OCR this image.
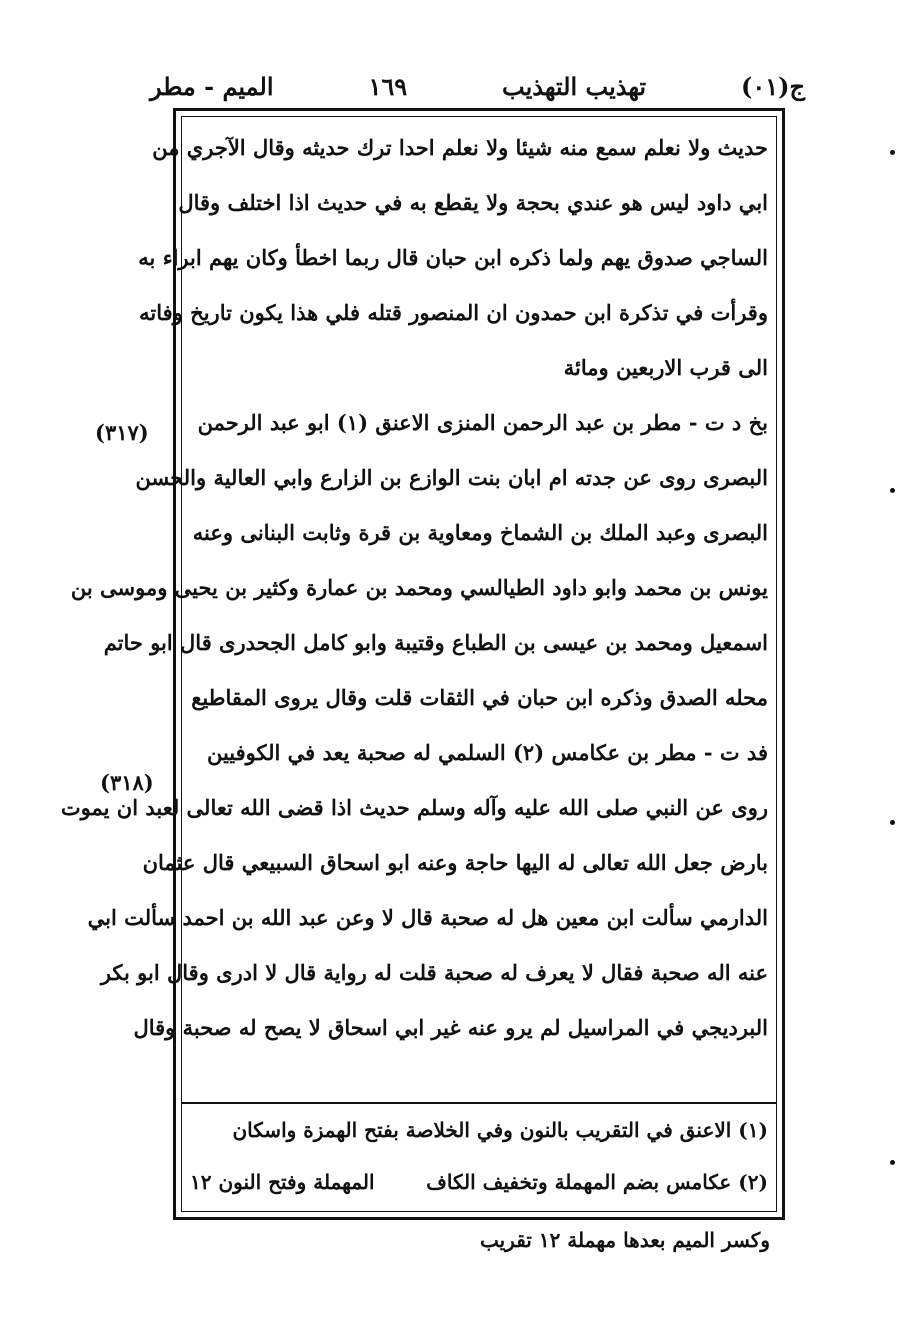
ج(٠١)
تهذيب التهذيب
١٦٩
الميم - مطر
حديث ولا نعلم سمع منه شيئا ولا نعلم احدا ترك حديثه وقال الآجري من
ابي داود ليس هو عندي بحجة ولا يقطع به في حديث اذا اختلف وقال
الساجي صدوق يهم ولما ذكره ابن حبان قال ربما اخطأ وكان يهم ابراء به
وقرأت في تذكرة ابن حمدون ان المنصور قتله فلي هذا يكون تاريخ وفاته
الى قرب الاربعين ومائة
بخ د ت - مطر بن عبد الرحمن المنزى الاعنق (١) ابو عبد الرحمن
البصرى روى عن جدته ام ابان بنت الوازع بن الزارع وابي العالية والحسن
البصرى وعبد الملك بن الشماخ ومعاوية بن قرة وثابت البنانى وعنه
يونس بن محمد وابو داود الطيالسي ومحمد بن عمارة وكثير بن يحيى وموسى بن
اسمعيل ومحمد بن عيسى بن الطباع وقتيبة وابو كامل الجحدرى قال ابو حاتم
محله الصدق وذكره ابن حبان في الثقات قلت وقال يروى المقاطيع
فد ت - مطر بن عكامس (٢) السلمي له صحبة يعد في الكوفيين
روى عن النبي صلى الله عليه وآله وسلم حديث اذا قضى الله تعالى لعبد ان يموت
بارض جعل الله تعالى له اليها حاجة وعنه ابو اسحاق السبيعي قال عثمان
الدارمي سألت ابن معين هل له صحبة قال لا وعن عبد الله بن احمد سألت ابي
عنه اله صحبة فقال لا يعرف له صحبة قلت له رواية قال لا ادرى وقال ابو بكر
البرديجي في المراسيل لم يرو عنه غير ابي اسحاق لا يصح له صحبة وقال
(١) الاعنق في التقريب بالنون وفي الخلاصة بفتح الهمزة واسكان
(٢) عكامس بضم المهملة وتخفيف الكاف
المهملة وفتح النون ١٢
وكسر الميم بعدها مهملة ١٢ تقريب
(٣١٧)
(٣١٨)
